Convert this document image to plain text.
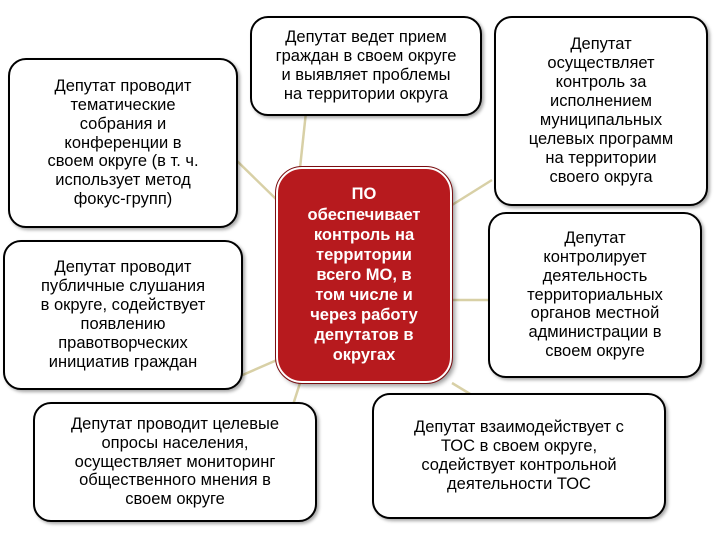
Депутат ведет прием
граждан в своем округе
и выявляет проблемы
на территории округа
Депутат проводит
тематические
собрания и
конференции в
своем округе (в т. ч.
использует метод
фокус-групп)
Депутат проводит
публичные слушания
в округе, содействует
появлению
правотворческих
инициатив граждан
Депутат проводит целевые
опросы населения,
осуществляет мониторинг
общественного мнения в
своем округе
Депутат
осуществляет
контроль за
исполнением
муниципальных
целевых программ
на территории
своего округа
Депутат
контролирует
деятельность
территориальных
органов местной
администрации в
своем округе
Депутат взаимодействует с
ТОС в своем округе,
содействует контрольной
деятельности ТОС
ПО
обеспечивает
контроль на
территории
всего МО, в
том числе и
через работу
депутатов в
округах
